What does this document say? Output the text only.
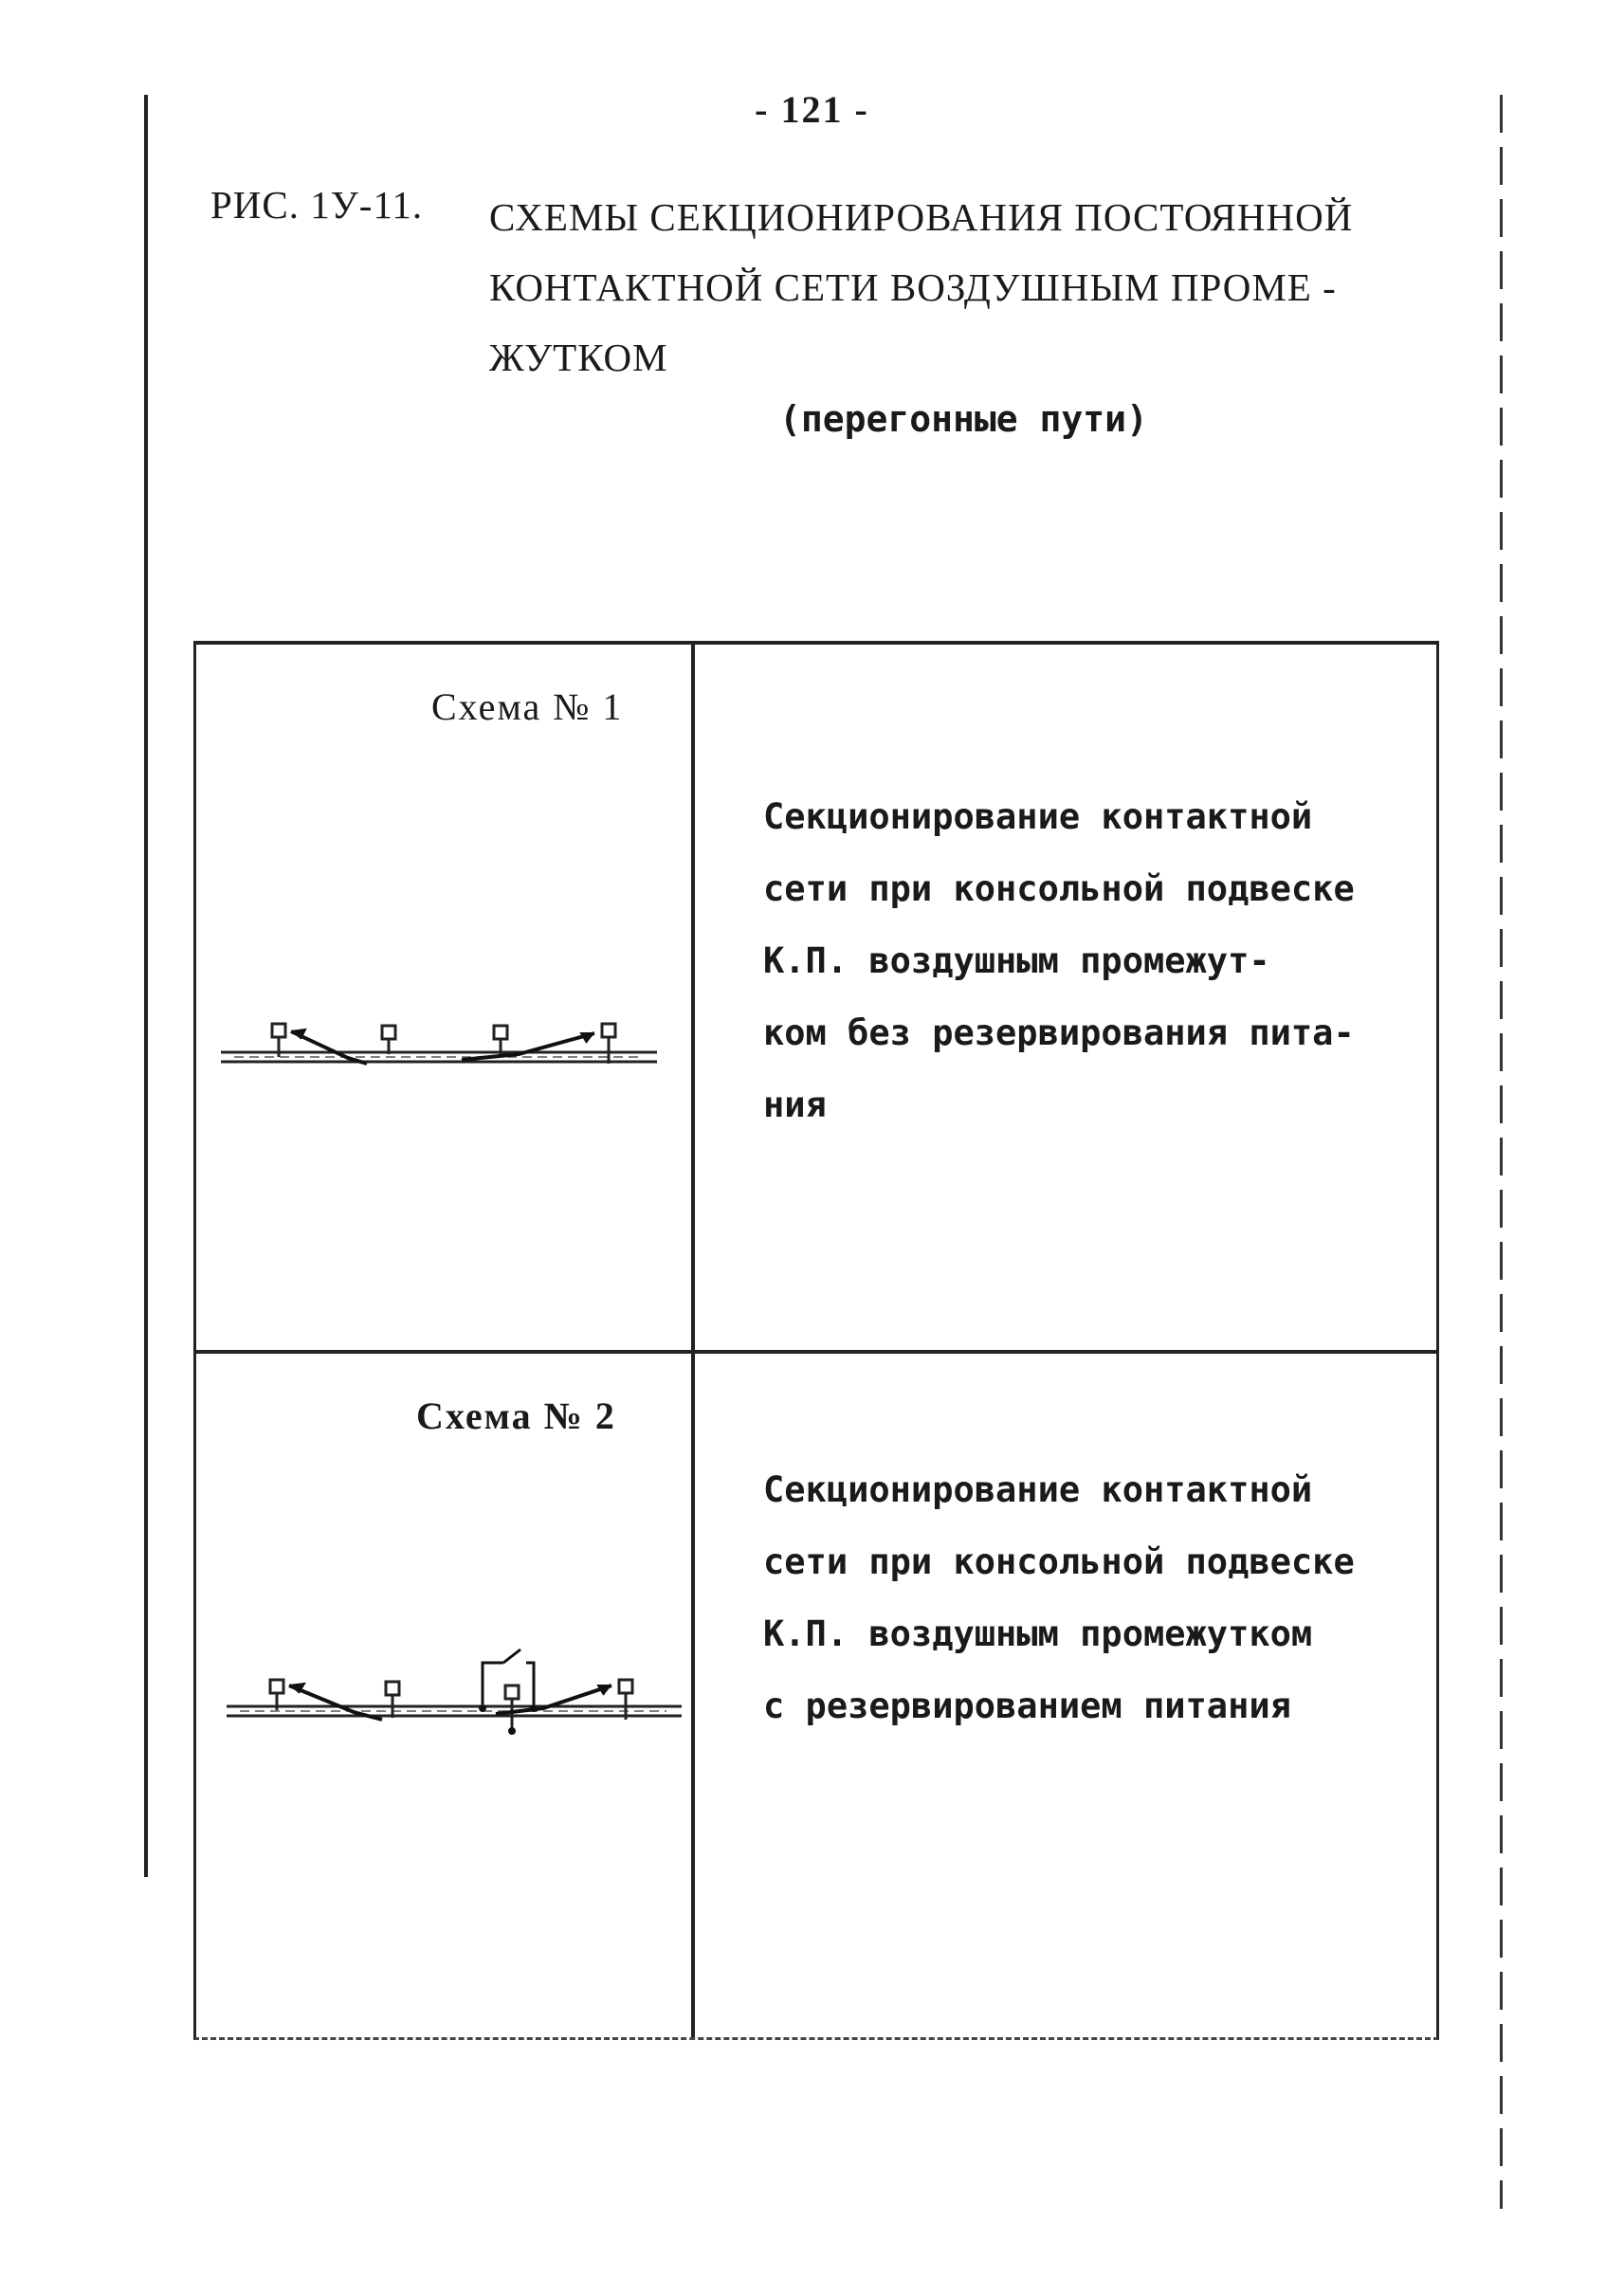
- 121 -
РИС. 1У-11. СХЕМЫ СЕКЦИОНИРОВАНИЯ ПОСТОЯННОЙ
КОНТАКТНОЙ СЕТИ ВОЗДУШНЫМ ПРОМЕ -
ЖУТКОМ
(перегонные пути)
Схема № 1
Секционирование контактной
сети при консольной подвеске
К.П. воздушным промежут-
ком без резервирования пита-
ния
Схема № 2
Секционирование контактной
сети при консольной подвеске
К.П. воздушным промежутком
с резервированием питания
